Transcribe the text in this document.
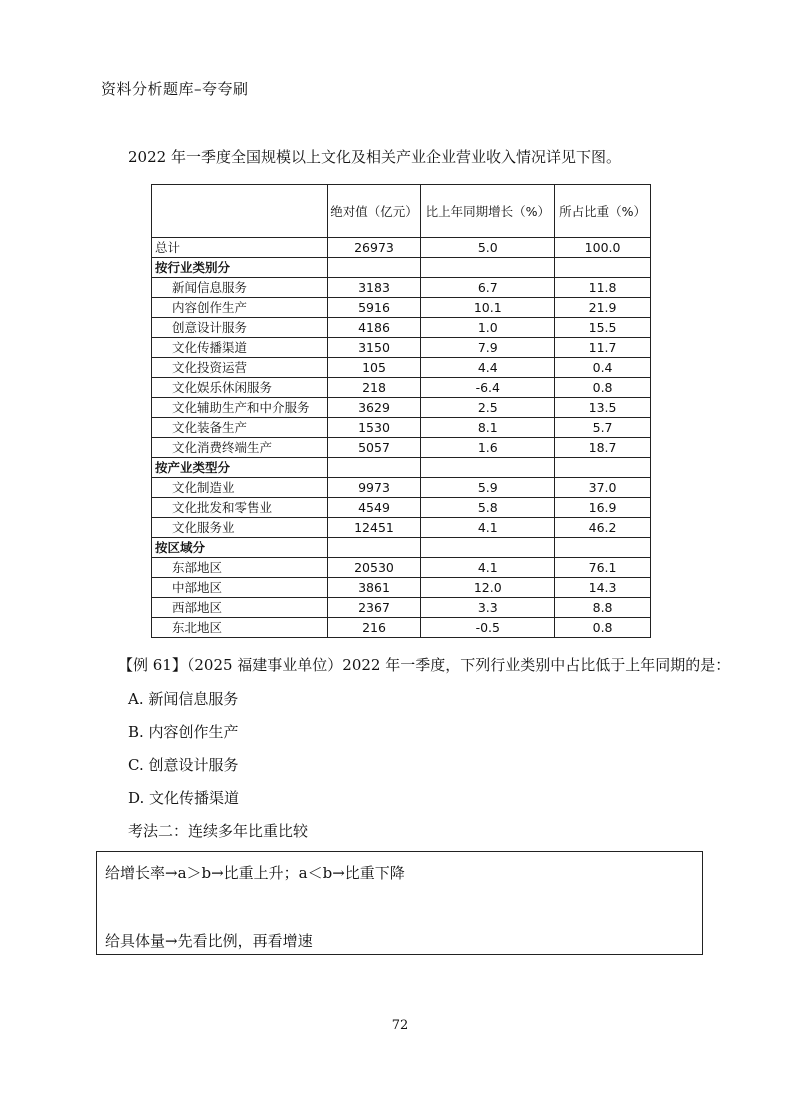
资料分析题库–夸夸刷
2022 年一季度全国规模以上文化及相关产业企业营业收入情况详见下图。
	绝对值（亿元）	比上年同期增长（%）	所占比重（%）
总计	26973	5.0	100.0
按行业类别分			
新闻信息服务	3183	6.7	11.8
内容创作生产	5916	10.1	21.9
创意设计服务	4186	1.0	15.5
文化传播渠道	3150	7.9	11.7
文化投资运营	105	4.4	0.4
文化娱乐休闲服务	218	-6.4	0.8
文化辅助生产和中介服务	3629	2.5	13.5
文化装备生产	1530	8.1	5.7
文化消费终端生产	5057	1.6	18.7
按产业类型分			
文化制造业	9973	5.9	37.0
文化批发和零售业	4549	5.8	16.9
文化服务业	12451	4.1	46.2
按区域分			
东部地区	20530	4.1	76.1
中部地区	3861	12.0	14.3
西部地区	2367	3.3	8.8
东北地区	216	-0.5	0.8
【例 61】（2025 福建事业单位）2022 年一季度，下列行业类别中占比低于上年同期的是：
A. 新闻信息服务
B. 内容创作生产
C. 创意设计服务
D. 文化传播渠道
考法二：连续多年比重比较
给增长率→a＞b→比重上升；a＜b→比重下降
给具体量→先看比例，再看增速
72
